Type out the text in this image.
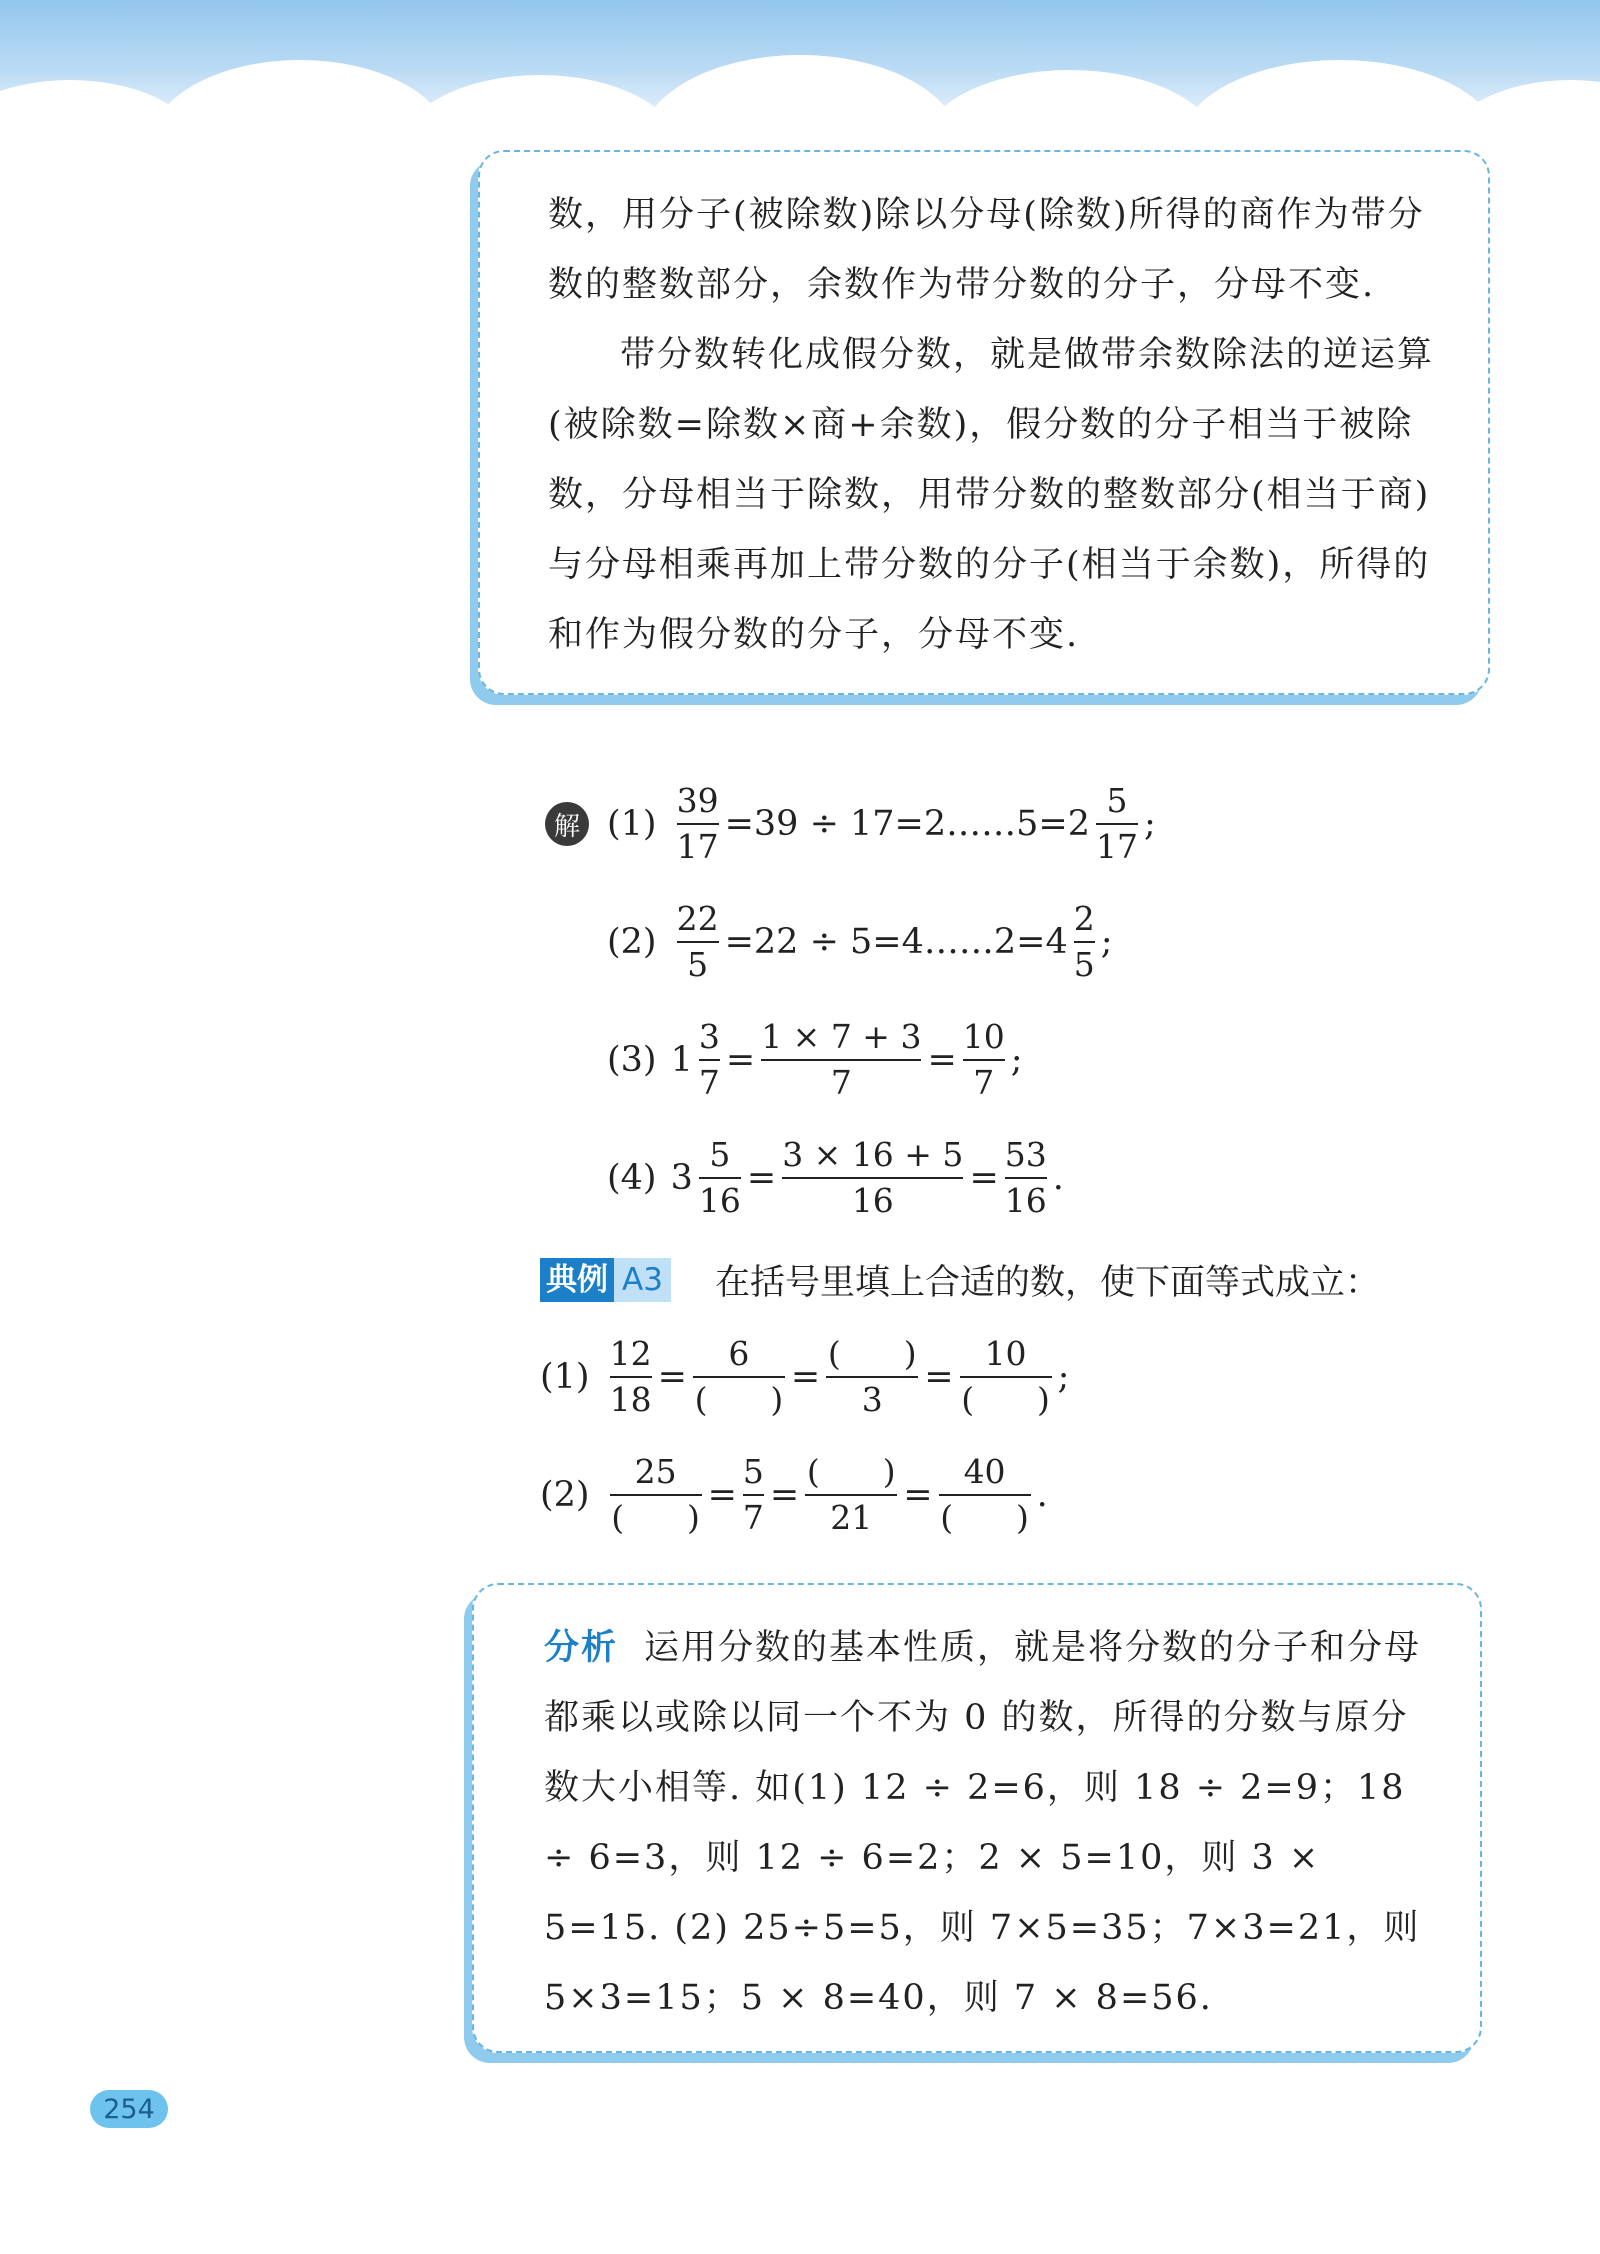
数，用分子(被除数)除以分母(除数)所得的商作为带分数的整数部分，余数作为带分数的分子，分母不变.

带分数转化成假分数，就是做带余数除法的逆运算(被除数=除数×商+余数)，假分数的分子相当于被除数，分母相当于除数，用带分数的整数部分(相当于商)与分母相乘再加上带分数的分子(相当于余数)，所得的和作为假分数的分子，分母不变.

解 $(1) \frac{39}{17} =39$ ÷ 17=2……5=2 $\frac{5}{17}$ ;
$(2) \frac{22}{5} =22$ ÷ 5=4……2=4 $\frac{2}{5}$ ;
(3) $1 \frac{3}{7} = \frac{1 \times 7 + 3}{7} = \frac{10}{7}$ ;
(4) $3 \frac{5}{16} = \frac{3 \times 16 + 5}{16} = \frac{53}{16}$ .
典例 A3 在括号里填上合适的数，使下面等式成立：
$(1) \frac{12}{18} = \frac{6}{( )} = \frac{( )}{3} = \frac{10}{( )}$ ;
$(2) \frac{25}{( )} = \frac{5}{7} = \frac{( )}{21} = \frac{40}{( )}$ .

分析 运用分数的基本性质，就是将分数的分子和分母都乘以或除以同一个不为 0 的数，所得的分数与原分数大小相等. 如(1) 12 ÷ 2=6，则 18 ÷ 2=9；18 ÷ 6=3，则 12 ÷ 6=2；2 × 5=10，则 3 × 5=15. (2) 25÷5=5，则 7×5=35；7×3=21，则 5×3=15；5 × 8=40，则 7 × 8=56.

254
